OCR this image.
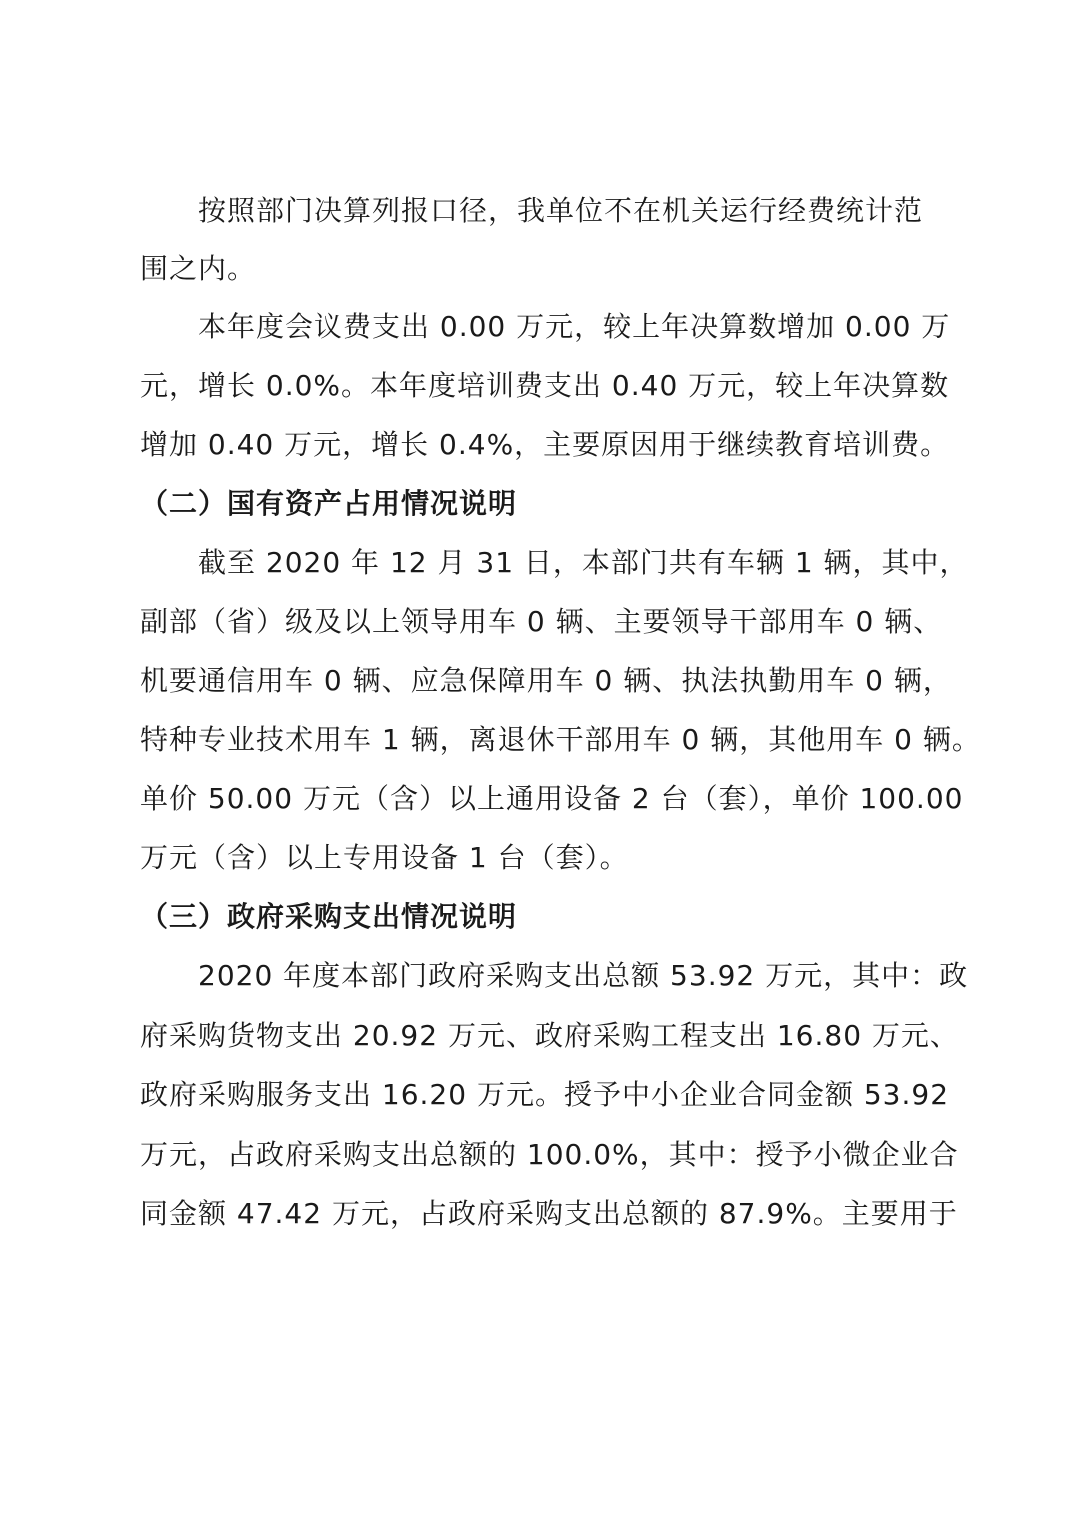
按照部门决算列报口径，我单位不在机关运行经费统计范
围之内。
本年度会议费支出 0.00 万元，较上年决算数增加 0.00 万
元，增长 0.0%。本年度培训费支出 0.40 万元，较上年决算数
增加 0.40 万元，增长 0.4%，主要原因用于继续教育培训费。
（二）国有资产占用情况说明
截至 2020 年 12 月 31 日，本部门共有车辆 1 辆，其中，
副部（省）级及以上领导用车 0 辆、主要领导干部用车 0 辆、
机要通信用车 0 辆、应急保障用车 0 辆、执法执勤用车 0 辆，
特种专业技术用车 1 辆，离退休干部用车 0 辆，其他用车 0 辆。
单价 50.00 万元（含）以上通用设备 2 台（套），单价 100.00
万元（含）以上专用设备 1 台（套）。
（三）政府采购支出情况说明
2020 年度本部门政府采购支出总额 53.92 万元，其中：政
府采购货物支出 20.92 万元、政府采购工程支出 16.80 万元、
政府采购服务支出 16.20 万元。授予中小企业合同金额 53.92
万元，占政府采购支出总额的 100.0%，其中：授予小微企业合
同金额 47.42 万元，占政府采购支出总额的 87.9%。主要用于
